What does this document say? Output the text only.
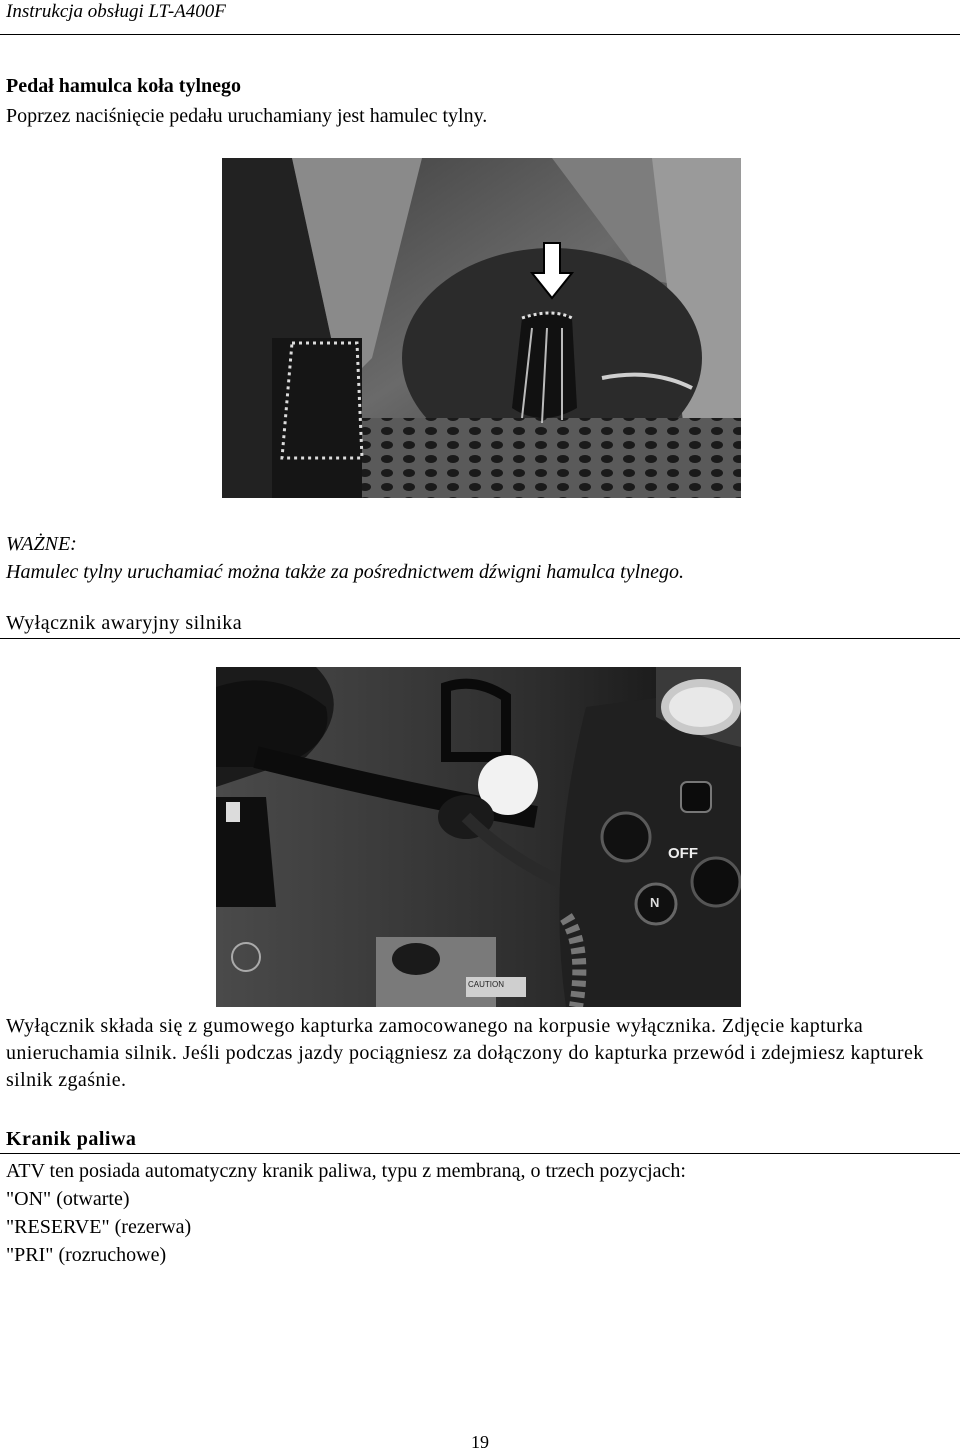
Instrukcja obsługi LT-A400F
Pedał hamulca koła tylnego
Poprzez naciśnięcie pedału uruchamiany jest hamulec tylny.
WAŻNE:
Hamulec tylny uruchamiać można także za pośrednictwem dźwigni hamulca tylnego.
Wyłącznik awaryjny silnika
OFF
N
CAUTION
Wyłącznik składa się z gumowego kapturka zamocowanego na korpusie wyłącznika. Zdjęcie kapturka unieruchamia silnik. Jeśli podczas jazdy pociągniesz za dołączony do kapturka przewód i zdejmiesz kapturek silnik zgaśnie.
Kranik paliwa
ATV ten posiada automatyczny kranik paliwa, typu z membraną, o trzech pozycjach:
"ON" (otwarte)
"RESERVE" (rezerwa)
"PRI" (rozruchowe)
19
